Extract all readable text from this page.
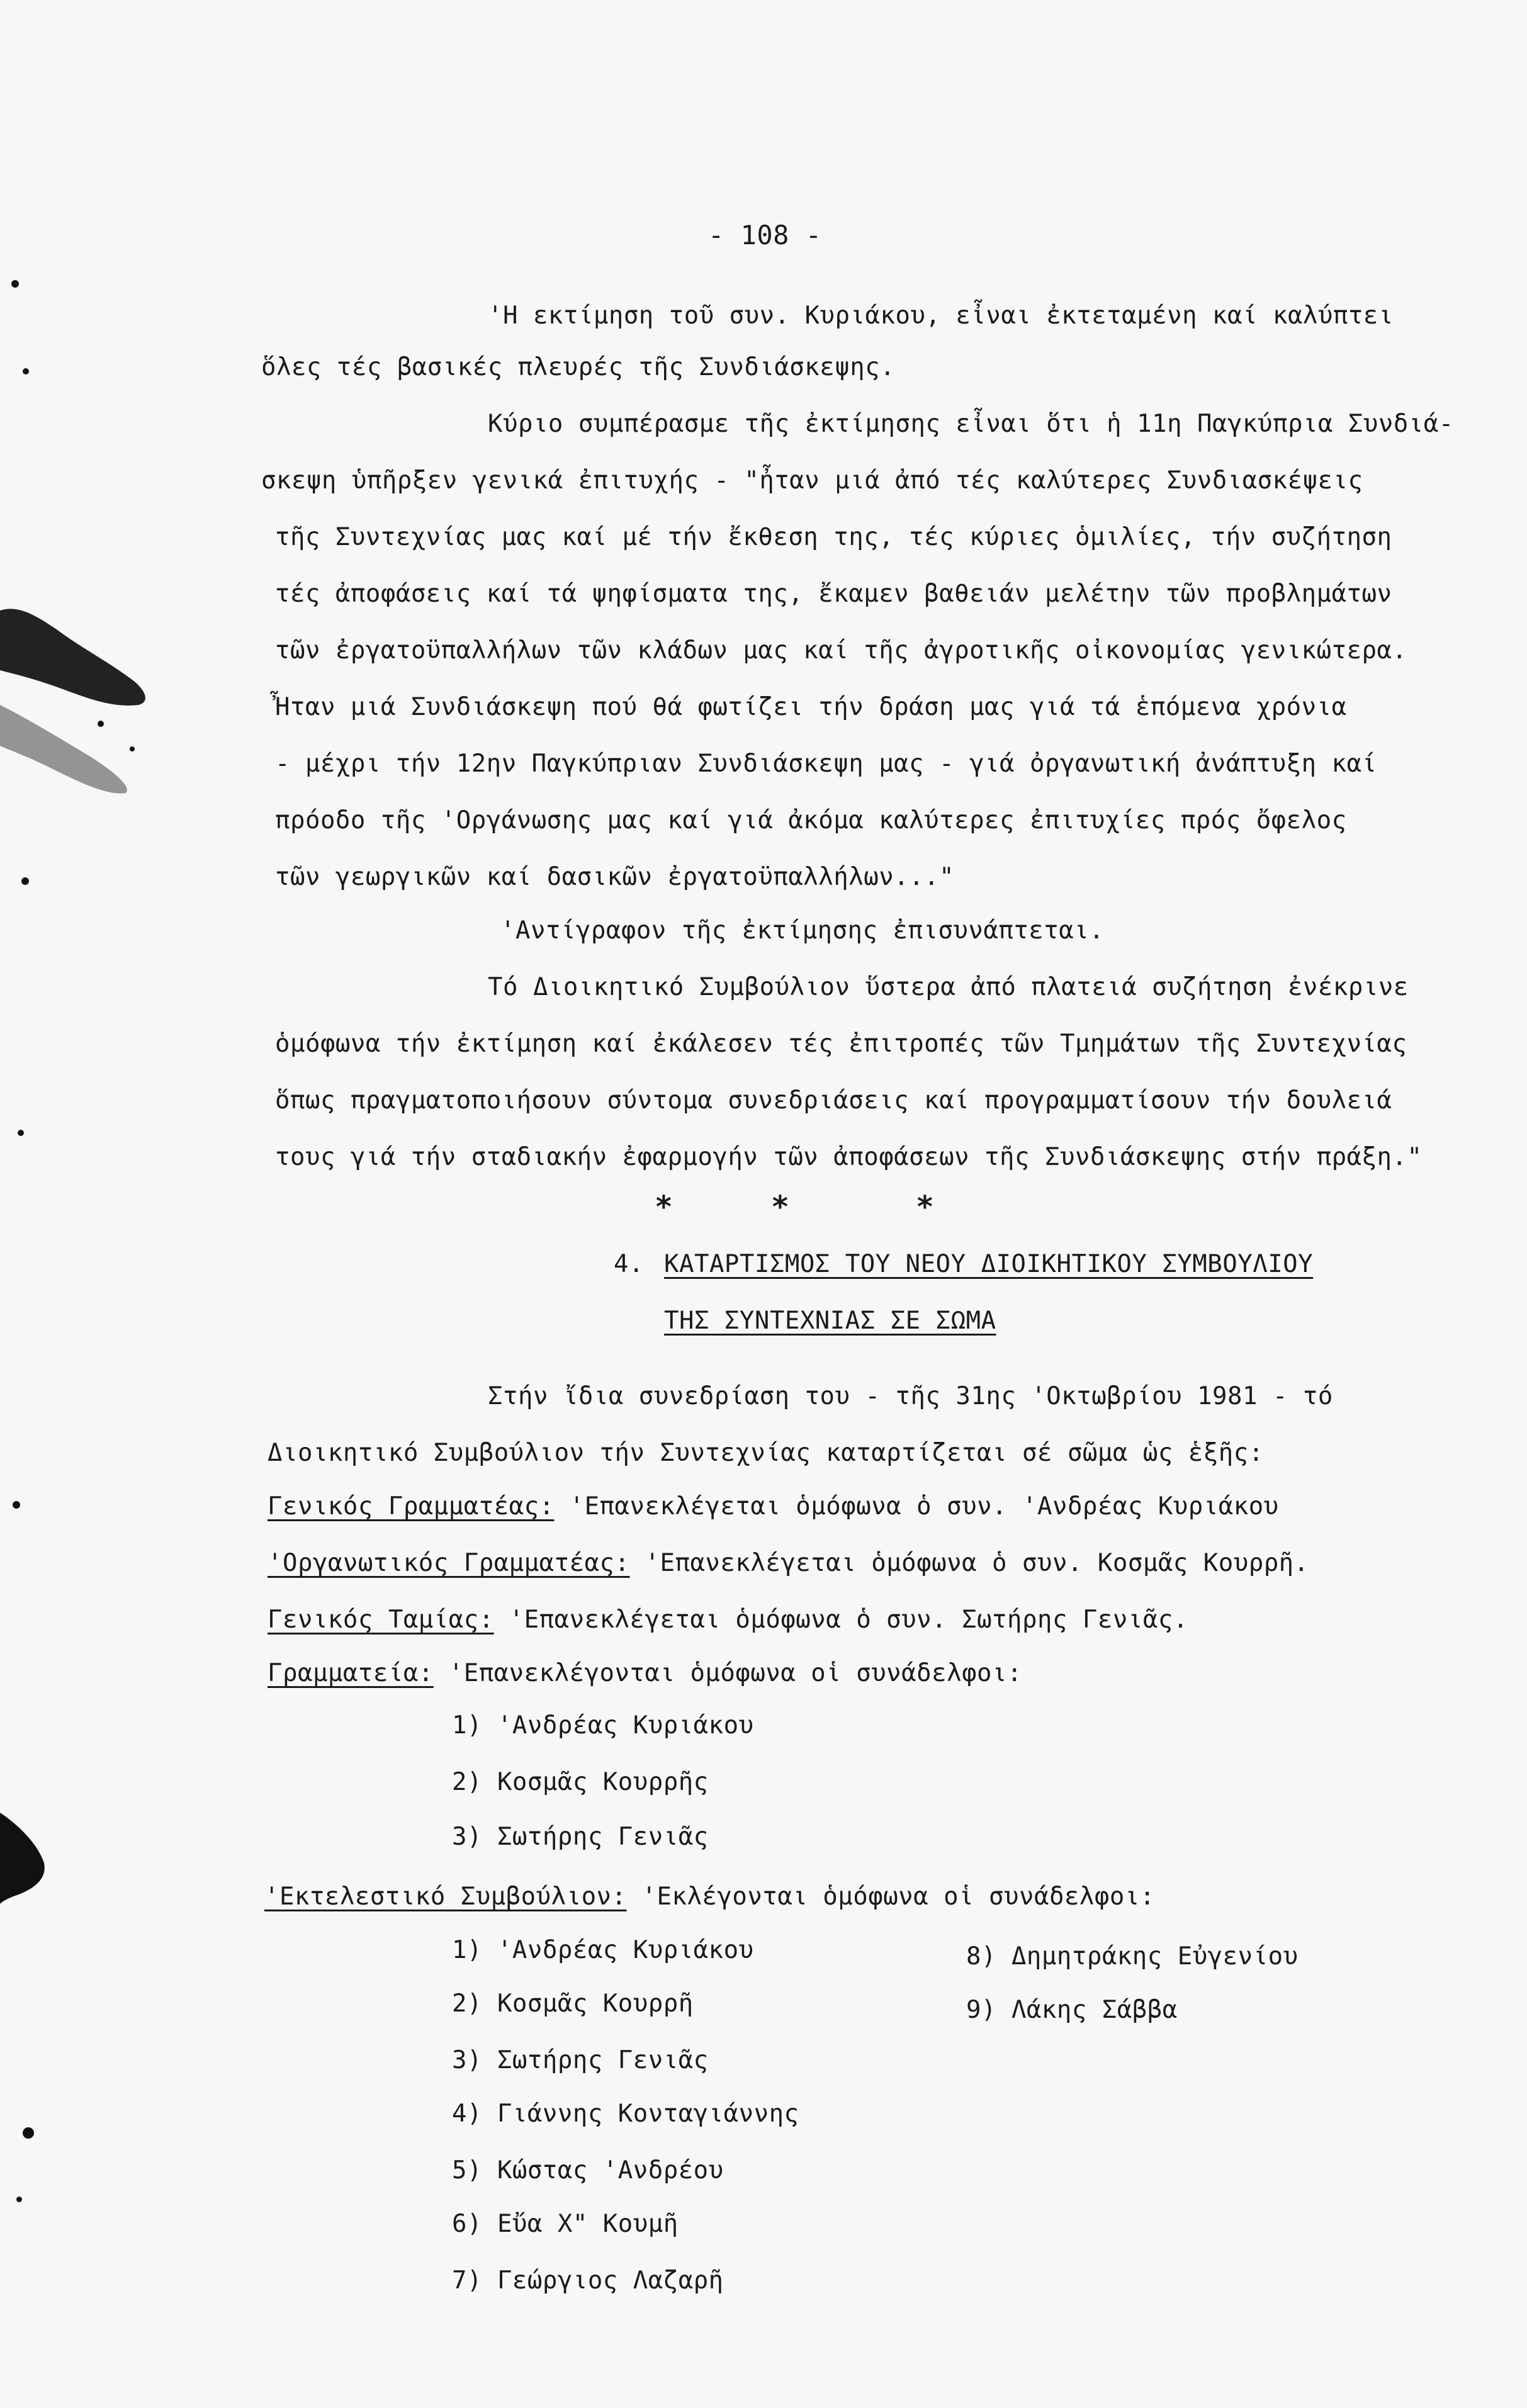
- 108 -
'Η εκτίμηση τοῦ συν. Κυριάκου, εἶναι ἐκτεταμένη καί καλύπτει
ὅλες τές βασικές πλευρές τῆς Συνδιάσκεψης.
Κύριο συμπέρασμε τῆς ἐκτίμησης εἶναι ὅτι ἡ 11η Παγκύπρια Συνδιά-
σκεψη ὑπῆρξεν γενικά ἐπιτυχής - "ἦταν μιά ἀπό τές καλύτερες Συνδιασκέψεις
τῆς Συντεχνίας μας καί μέ τήν ἔκθεση της, τές κύριες ὁμιλίες, τήν συζήτηση
τές ἀποφάσεις καί τά ψηφίσματα της, ἔκαμεν βαθειάν μελέτην τῶν προβλημάτων
τῶν ἐργατοϋπαλλήλων τῶν κλάδων μας καί τῆς ἀγροτικῆς οἰκονομίας γενικώτερα.
Ἦταν μιά Συνδιάσκεψη πού θά φωτίζει τήν δράση μας γιά τά ἑπόμενα χρόνια
- μέχρι τήν 12ην Παγκύπριαν Συνδιάσκεψη μας - γιά ὀργανωτική ἀνάπτυξη καί
πρόοδο τῆς 'Οργάνωσης μας καί γιά ἀκόμα καλύτερες ἐπιτυχίες πρός ὄφελος
τῶν γεωργικῶν καί δασικῶν ἐργατοϋπαλλήλων..."
'Αντίγραφον τῆς ἐκτίμησης ἐπισυνάπτεται.
Τό Διοικητικό Συμβούλιον ὕστερα ἀπό πλατειά συζήτηση ἐνέκρινε
ὁμόφωνα τήν ἐκτίμηση καί ἐκάλεσεν τές ἐπιτροπές τῶν Τμημάτων τῆς Συντεχνίας
ὅπως πραγματοποιήσουν σύντομα συνεδριάσεις καί προγραμματίσουν τήν δουλειά
τους γιά τήν σταδιακήν ἐφαρμογήν τῶν ἀποφάσεων τῆς Συνδιάσκεψης στήν πράξη."
*	*	*
4. ΚΑΤΑΡΤΙΣΜΟΣ ΤΟΥ ΝΕΟΥ ΔΙΟΙΚΗΤΙΚΟΥ ΣΥΜΒΟΥΛΙΟΥ
ΤΗΣ ΣΥΝΤΕΧΝΙΑΣ ΣΕ ΣΩΜΑ
Στήν ἴδια συνεδρίαση του - τῆς 31ης 'Οκτωβρίου 1981 - τό
Διοικητικό Συμβούλιον τήν Συντεχνίας καταρτίζεται σέ σῶμα ὡς ἑξῆς:
Γενικός Γραμματέας: 'Επανεκλέγεται ὁμόφωνα ὁ συν. 'Ανδρέας Κυριάκου
'Οργανωτικός Γραμματέας: 'Επανεκλέγεται ὁμόφωνα ὁ συν. Κοσμᾶς Κουρρῆ.
Γενικός Ταμίας: 'Επανεκλέγεται ὁμόφωνα ὁ συν. Σωτήρης Γενιᾶς.
Γραμματεία: 'Επανεκλέγονται ὁμόφωνα οἱ συνάδελφοι:
1) 'Ανδρέας Κυριάκου
2) Κοσμᾶς Κουρρῆς
3) Σωτήρης Γενιᾶς
'Εκτελεστικό Συμβούλιον: 'Εκλέγονται ὁμόφωνα οἱ συνάδελφοι:
1) 'Ανδρέας Κυριάκου
2) Κοσμᾶς Κουρρῆ
3) Σωτήρης Γενιᾶς
4) Γιάννης Κονταγιάννης
5) Κώστας 'Ανδρέου
6) Εὔα Χ" Κουμῆ
7) Γεώργιος Λαζαρῆ
8) Δημητράκης Εὐγενίου
9) Λάκης Σάββα
